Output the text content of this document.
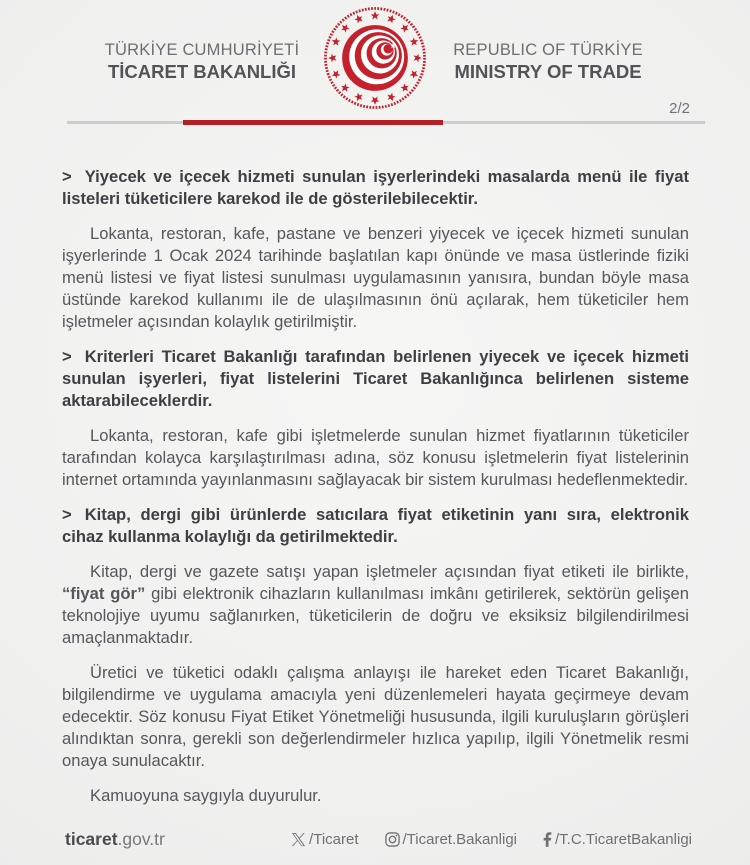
TÜRKİYE CUMHURİYETİ
TİCARET BAKANLIĞI
REPUBLIC OF TÜRKİYE
MINISTRY OF TRADE
2/2

> Yiyecek ve içecek hizmeti sunulan işyerlerindeki masalarda menü ile fiyat listeleri tüketicilere karekod ile de gösterilebilecektir.

Lokanta, restoran, kafe, pastane ve benzeri yiyecek ve içecek hizmeti sunulan işyerlerinde 1 Ocak 2024 tarihinde başlatılan kapı önünde ve masa üstlerinde fiziki menü listesi ve fiyat listesi sunulması uygulamasının yanısıra, bundan böyle masa üstünde karekod kullanımı ile de ulaşılmasının önü açılarak, hem tüketiciler hem işletmeler açısından kolaylık getirilmiştir.

> Kriterleri Ticaret Bakanlığı tarafından belirlenen yiyecek ve içecek hizmeti sunulan işyerleri, fiyat listelerini Ticaret Bakanlığınca belirlenen sisteme aktarabileceklerdir.

Lokanta, restoran, kafe gibi işletmelerde sunulan hizmet fiyatlarının tüketiciler tarafından kolayca karşılaştırılması adına, söz konusu işletmelerin fiyat listelerinin internet ortamında yayınlanmasını sağlayacak bir sistem kurulması hedeflenmektedir.

> Kitap, dergi gibi ürünlerde satıcılara fiyat etiketinin yanı sıra, elektronik cihaz kullanma kolaylığı da getirilmektedir.

Kitap, dergi ve gazete satışı yapan işletmeler açısından fiyat etiketi ile birlikte, “fiyat gör” gibi elektronik cihazların kullanılması imkânı getirilerek, sektörün gelişen teknolojiye uyumu sağlanırken, tüketicilerin de doğru ve eksiksiz bilgilendirilmesi amaçlanmaktadır.

Üretici ve tüketici odaklı çalışma anlayışı ile hareket eden Ticaret Bakanlığı, bilgilendirme ve uygulama amacıyla yeni düzenlemeleri hayata geçirmeye devam edecektir. Söz konusu Fiyat Etiket Yönetmeliği hususunda, ilgili kuruluşların görüşleri alındıktan sonra, gerekli son değerlendirmeler hızlıca yapılıp, ilgili Yönetmelik resmi onaya sunulacaktır.

Kamuoyuna saygıyla duyurulur.

ticaret.gov.tr	/Ticaret	/Ticaret.Bakanligi	/T.C.TicaretBakanligi
